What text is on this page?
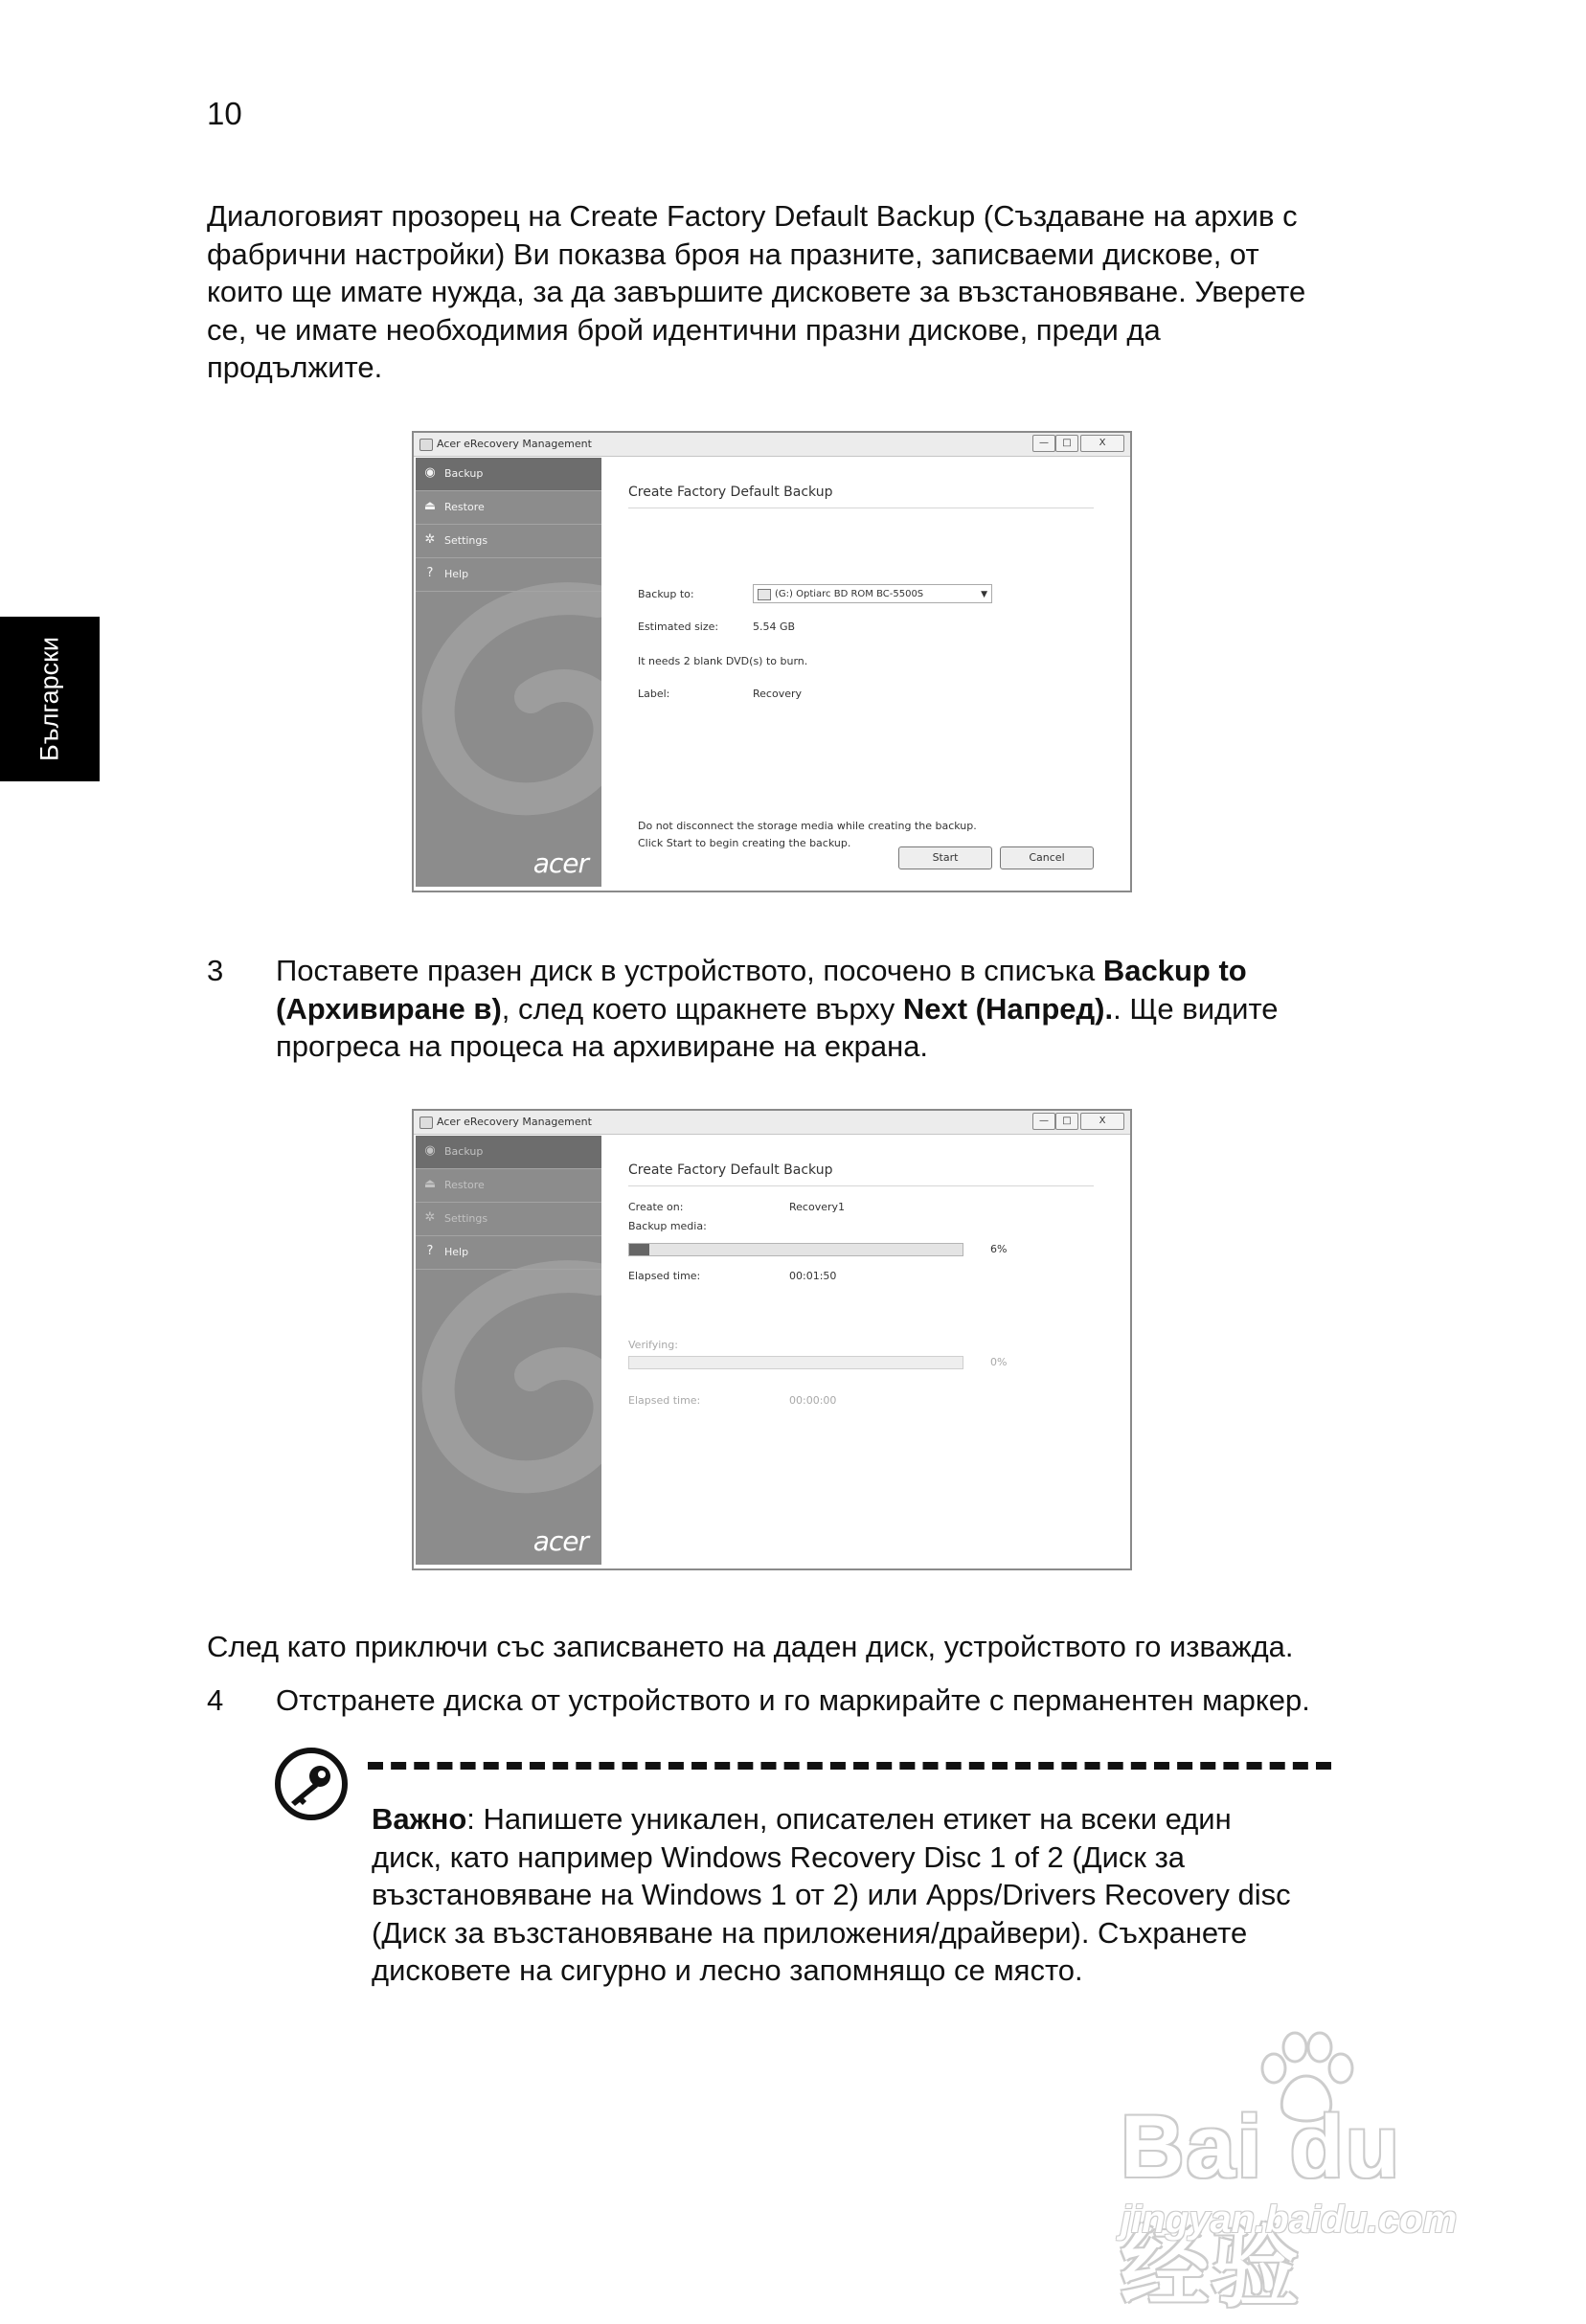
10
Български
Диалоговият прозорец на Create Factory Default Backup (Създаване на архив с
фабрични настройки) Ви показва броя на празните, записваеми дискове, от
които ще имате нужда, за да завършите дисковете за възстановяване. Уверете
се, че имате необходимия брой идентични празни дискове, преди да
продължите.
Acer eRecovery Management	—	□	X
◉ Backup
⏏ Restore
✲ Settings
?	Help
acer
Create Factory Default Backup
Backup to:	(G:) Optiarc BD ROM BC-5500S	▼
Estimated size:	5.54 GB
It needs 2 blank DVD(s) to burn.
Label:	Recovery
Do not disconnect the storage media while creating the backup.
Click Start to begin creating the backup.
Start	Cancel
3 Поставете празен диск в устройството, посочено в списъка Backup to
(Архивиране в), след което щракнете върху Next (Напред).. Ще видите
прогреса на процеса на архивиране на екрана.
Acer eRecovery Management	—	□	X
◉ Backup
⏏ Restore
✲ Settings
?	Help
acer
Create Factory Default Backup
Create on:	Recovery1
Backup media:
6%
Elapsed time:	00:01:50
Verifying:
0%
Elapsed time:	00:00:00
След като приключи със записването на даден диск, устройството го изважда.
4 Отстранете диска от устройството и го маркирайте с перманентен маркер.
Важно: Напишете уникален, описателен етикет на всеки един
диск, като например Windows Recovery Disc 1 of 2 (Диск за
възстановяване на Windows 1 от 2) или Apps/Drivers Recovery disc
(Диск за възстановяване на приложения/драйвери). Съхранете
дисковете на сигурно и лесно запомнящо се място.
Bai du 经验
jingyan.baidu.com
